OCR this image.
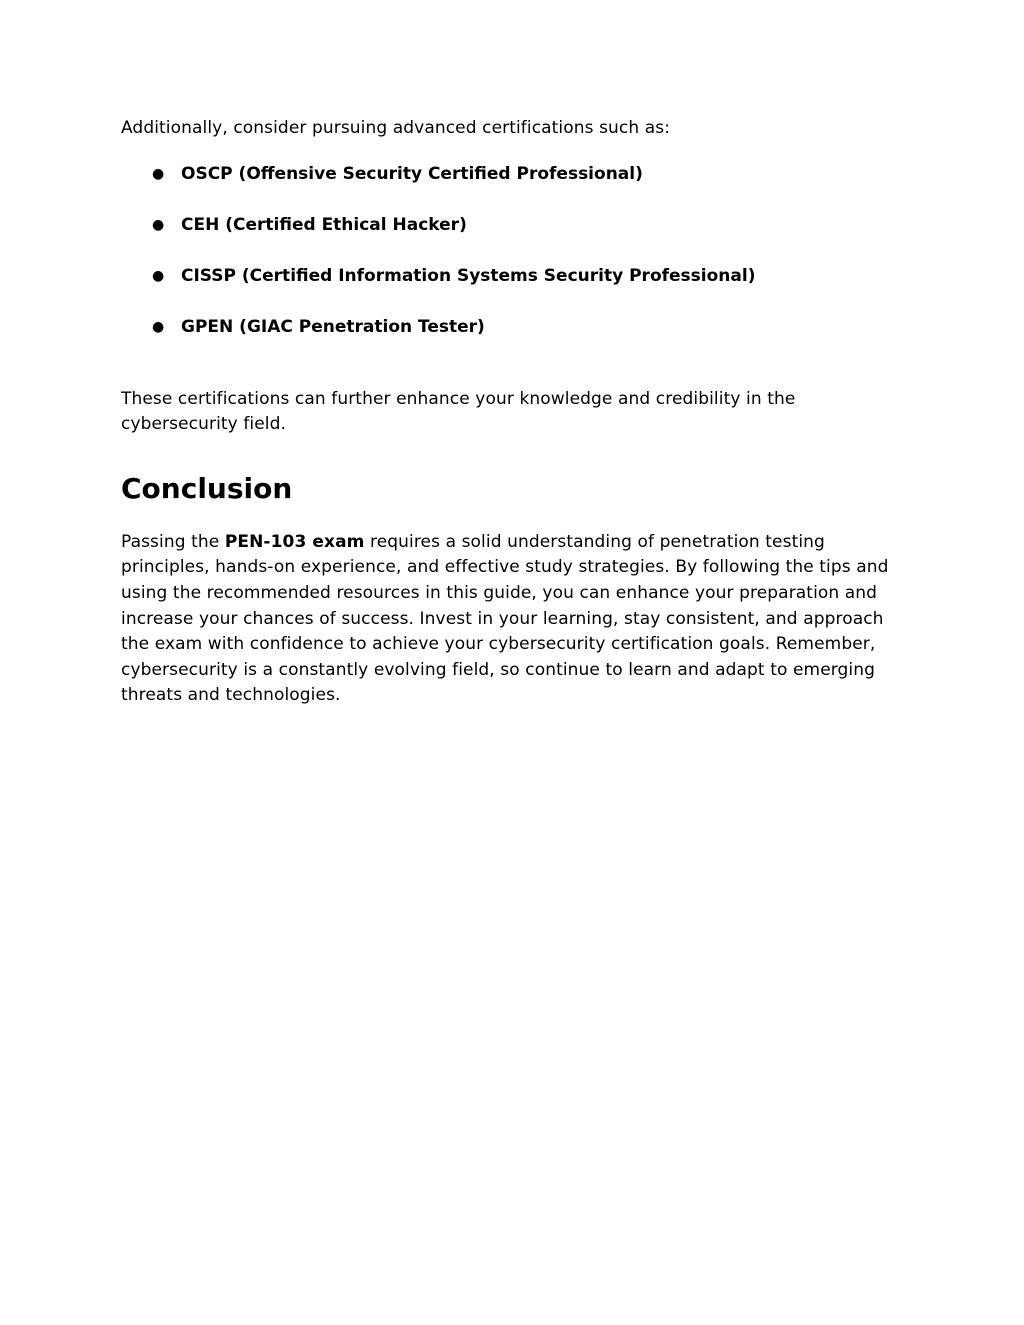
Additionally, consider pursuing advanced certifications such as:

● OSCP (Offensive Security Certified Professional)
● CEH (Certified Ethical Hacker)
● CISSP (Certified Information Systems Security Professional)
● GPEN (GIAC Penetration Tester)

These certifications can further enhance your knowledge and credibility in the cybersecurity field.

Conclusion

Passing the PEN-103 exam requires a solid understanding of penetration testing principles, hands-on experience, and effective study strategies. By following the tips and using the recommended resources in this guide, you can enhance your preparation and increase your chances of success. Invest in your learning, stay consistent, and approach the exam with confidence to achieve your cybersecurity certification goals. Remember, cybersecurity is a constantly evolving field, so continue to learn and adapt to emerging threats and technologies.
